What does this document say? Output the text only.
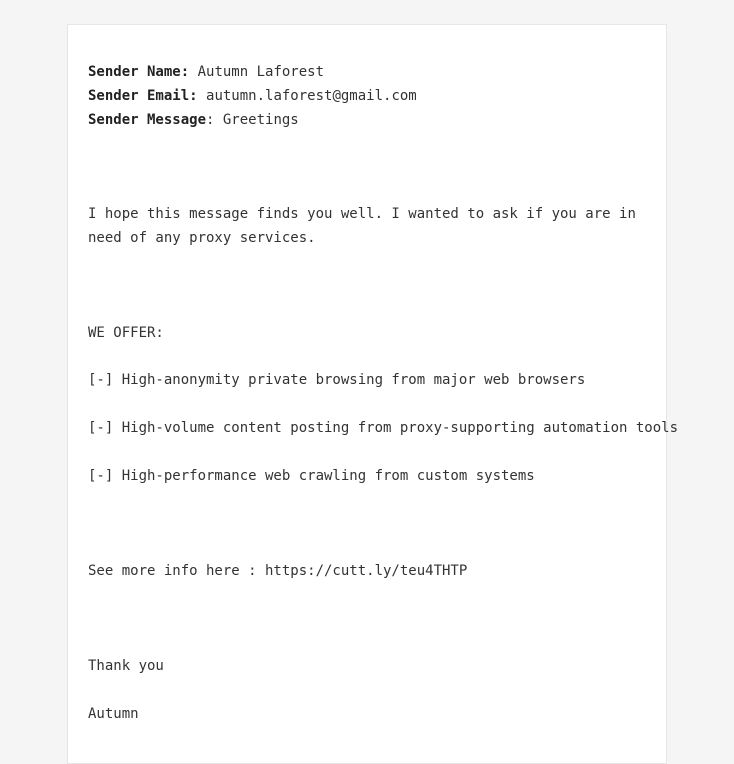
Sender Name: Autumn Laforest
Sender Email: autumn.laforest@gmail.com
Sender Message: Greetings
I hope this message finds you well. I wanted to ask if you are in need of any proxy services.
WE OFFER:
[-] High-anonymity private browsing from major web browsers
[-] High-volume content posting from proxy-supporting automation tools
[-] High-performance web crawling from custom systems
See more info here : https://cutt.ly/teu4THTP
Thank you
Autumn
